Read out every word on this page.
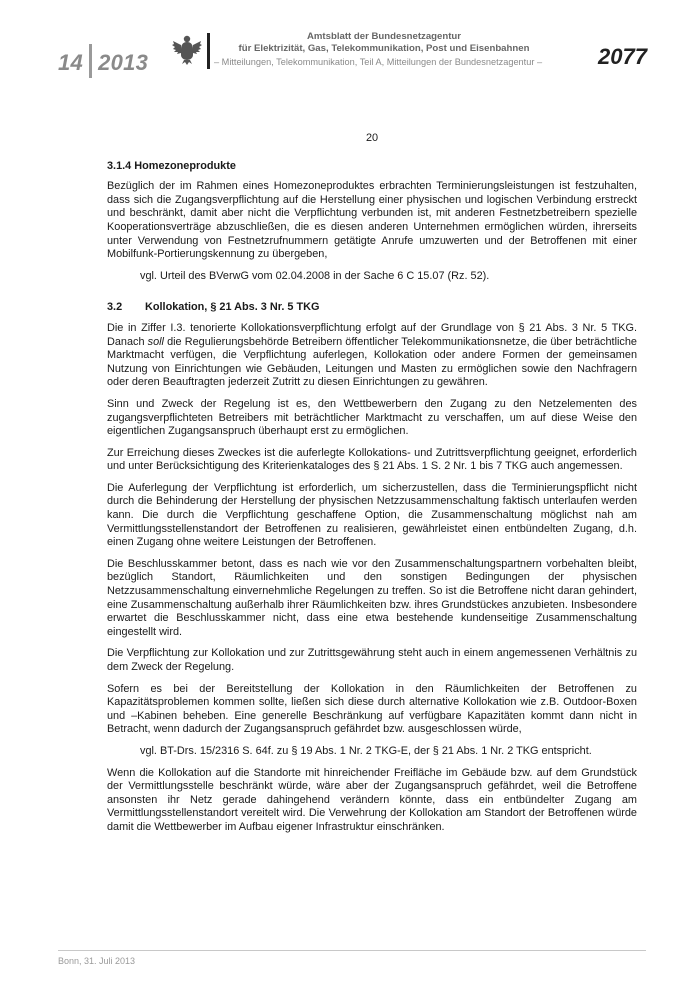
14 2013
Amtsblatt der Bundesnetzagentur
für Elektrizität, Gas, Telekommunikation, Post und Eisenbahnen
– Mitteilungen, Telekommunikation, Teil A, Mitteilungen der Bundesnetzagentur –	2077

20

3.1.4 Homezoneprodukte

Bezüglich der im Rahmen eines Homezoneproduktes erbrachten Terminierungsleistungen ist festzuhalten, dass sich die Zugangsverpflichtung auf die Herstellung einer physischen und logischen Verbindung erstreckt und beschränkt, damit aber nicht die Verpflichtung verbunden ist, mit anderen Festnetzbetreibern spezielle Kooperationsverträge abzuschließen, die es diesen anderen Unternehmen ermöglichen würden, ihrerseits unter Verwendung von Festnetzrufnummern getätigte Anrufe umzuwerten und der Betroffenen mit einer Mobilfunk-Portierungskennung zu übergeben,

vgl. Urteil des BVerwG vom 02.04.2008 in der Sache 6 C 15.07 (Rz. 52).

3.2 Kollokation, § 21 Abs. 3 Nr. 5 TKG

Die in Ziffer I.3. tenorierte Kollokationsverpflichtung erfolgt auf der Grundlage von § 21 Abs. 3 Nr. 5 TKG. Danach soll die Regulierungsbehörde Betreibern öffentlicher Telekommunikationsnetze, die über beträchtliche Marktmacht verfügen, die Verpflichtung auferlegen, Kollokation oder andere Formen der gemeinsamen Nutzung von Einrichtungen wie Gebäuden, Leitungen und Masten zu ermöglichen sowie den Nachfragern oder deren Beauftragten jederzeit Zutritt zu diesen Einrichtungen zu gewähren.

Sinn und Zweck der Regelung ist es, den Wettbewerbern den Zugang zu den Netzelementen des zugangsverpflichteten Betreibers mit beträchtlicher Marktmacht zu verschaffen, um auf diese Weise den eigentlichen Zugangsanspruch überhaupt erst zu ermöglichen.

Zur Erreichung dieses Zweckes ist die auferlegte Kollokations- und Zutrittsverpflichtung geeignet, erforderlich und unter Berücksichtigung des Kriterienkataloges des § 21 Abs. 1 S. 2 Nr. 1 bis 7 TKG auch angemessen.

Die Auferlegung der Verpflichtung ist erforderlich, um sicherzustellen, dass die Terminierungspflicht nicht durch die Behinderung der Herstellung der physischen Netzzusammenschaltung faktisch unterlaufen werden kann. Die durch die Verpflichtung geschaffene Option, die Zusammenschaltung möglichst nah am Vermittlungsstellenstandort der Betroffenen zu realisieren, gewährleistet einen entbündelten Zugang, d.h. einen Zugang ohne weitere Leistungen der Betroffenen.

Die Beschlusskammer betont, dass es nach wie vor den Zusammenschaltungspartnern vorbehalten bleibt, bezüglich Standort, Räumlichkeiten und den sonstigen Bedingungen der physischen Netzzusammenschaltung einvernehmliche Regelungen zu treffen. So ist die Betroffene nicht daran gehindert, eine Zusammenschaltung außerhalb ihrer Räumlichkeiten bzw. ihres Grundstückes anzubieten. Insbesondere erwartet die Beschlusskammer nicht, dass eine etwa bestehende kundenseitige Zusammenschaltung eingestellt wird.

Die Verpflichtung zur Kollokation und zur Zutrittsgewährung steht auch in einem angemessenen Verhältnis zu dem Zweck der Regelung.

Sofern es bei der Bereitstellung der Kollokation in den Räumlichkeiten der Betroffenen zu Kapazitätsproblemen kommen sollte, ließen sich diese durch alternative Kollokation wie z.B. Outdoor-Boxen und –Kabinen beheben. Eine generelle Beschränkung auf verfügbare Kapazitäten kommt dann nicht in Betracht, wenn dadurch der Zugangsanspruch gefährdet bzw. ausgeschlossen würde,

vgl. BT-Drs. 15/2316 S. 64f. zu § 19 Abs. 1 Nr. 2 TKG-E, der § 21 Abs. 1 Nr. 2 TKG entspricht.

Wenn die Kollokation auf die Standorte mit hinreichender Freifläche im Gebäude bzw. auf dem Grundstück der Vermittlungsstelle beschränkt würde, wäre aber der Zugangsanspruch gefährdet, weil die Betroffene ansonsten ihr Netz gerade dahingehend verändern könnte, dass ein entbündelter Zugang am Vermittlungsstellenstandort vereitelt wird. Die Verwehrung der Kollokation am Standort der Betroffenen würde damit die Wettbewerber im Aufbau eigener Infrastruktur einschränken.

Bonn, 31. Juli 2013
